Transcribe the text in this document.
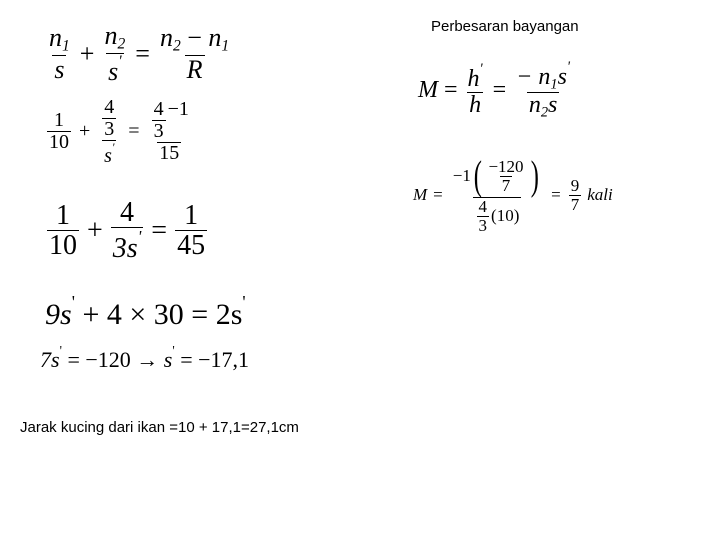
Perbesaran bayangan
$\frac{n_1}{s} + \frac{n_2}{s'} = \frac{n_2 - n_1}{R}$
$\frac{1}{10} + \frac{\frac{4}{3}}{s'} = \frac{\frac{4}{3} -1}{15}$
$\frac{1}{10} + \frac{4}{3s'} = \frac{1}{45}$
9s' + 4 × 30 = 2s'
7s' = −120 → s' = −17,1
Jarak kucing dari ikan =10 + 17,1=27,1cm
$M = \frac{h'}{h} = \frac{- n_1s'}{n_2s}$
$M = \frac{-1 ( \frac{-120}{7} )}{\frac{4}{3} (10)} = \frac{9}{7}$ kali
